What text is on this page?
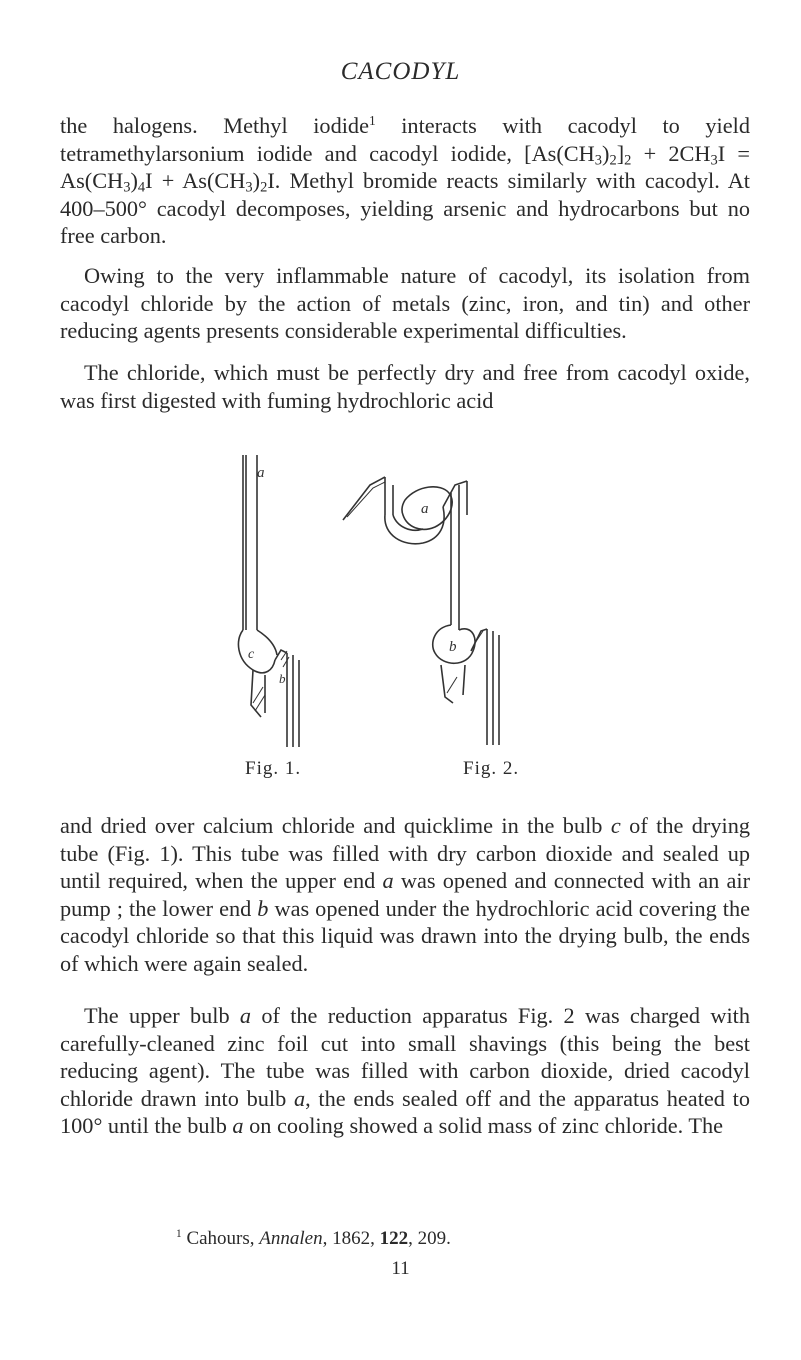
CACODYL

the halogens. Methyl iodide$^1$ interacts with cacodyl to yield tetramethylarsonium iodide and cacodyl iodide, $[As(CH_3)_2]_2 + 2CH_3I = As(CH_3)_4I + As(CH_3)_2I$. Methyl bromide reacts similarly with cacodyl. At 400–500° cacodyl decomposes, yielding arsenic and hydrocarbons but no free carbon.

Owing to the very inflammable nature of cacodyl, its isolation from cacodyl chloride by the action of metals (zinc, iron, and tin) and other reducing agents presents considerable experimental difficulties.

The chloride, which must be perfectly dry and free from cacodyl oxide, was first digested with fuming hydrochloric acid

a
c
b
a
b
Fig. 1.	Fig. 2.

and dried over calcium chloride and quicklime in the bulb c of the drying tube (Fig. 1). This tube was filled with dry carbon dioxide and sealed up until required, when the upper end a was opened and connected with an air pump ; the lower end b was opened under the hydrochloric acid covering the cacodyl chloride so that this liquid was drawn into the drying bulb, the ends of which were again sealed.

The upper bulb a of the reduction apparatus Fig. 2 was charged with carefully-cleaned zinc foil cut into small shavings (this being the best reducing agent). The tube was filled with carbon dioxide, dried cacodyl chloride drawn into bulb a, the ends sealed off and the apparatus heated to 100° until the bulb a on cooling showed a solid mass of zinc chloride. The

$^1$ Cahours, Annalen, 1862, 122, 209.
11
